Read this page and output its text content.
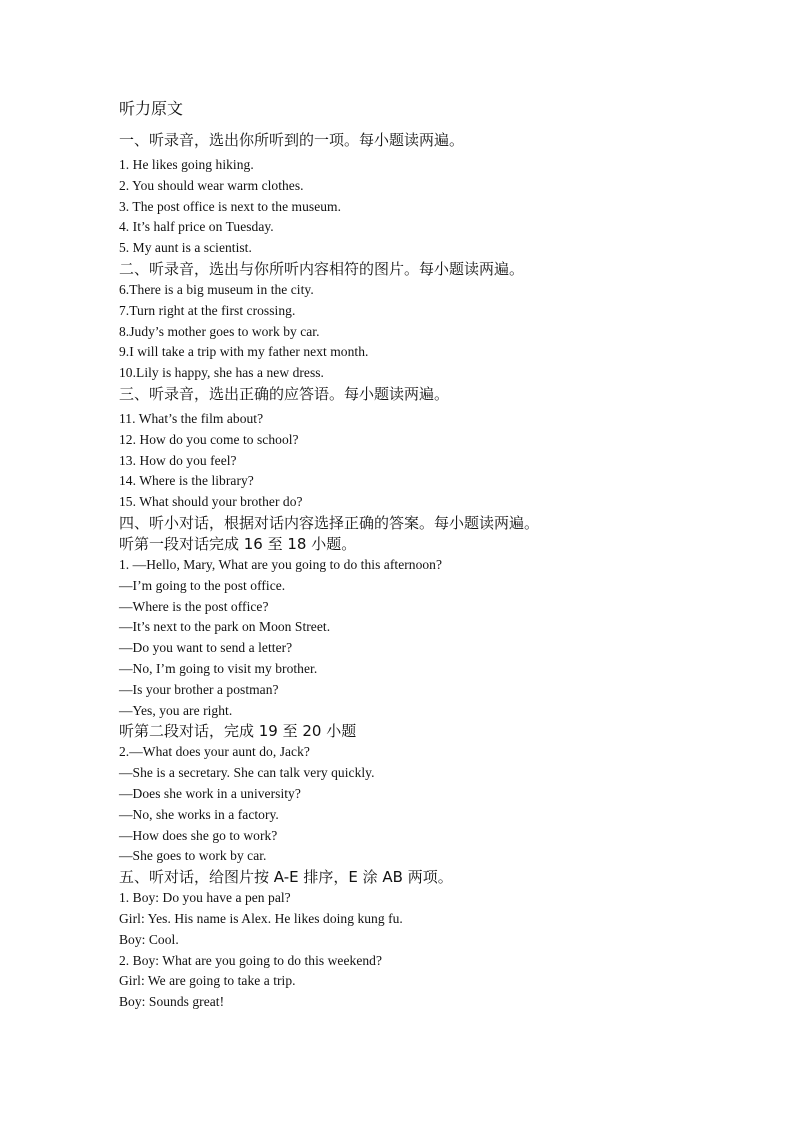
听力原文
一、听录音，选出你所听到的一项。每小题读两遍。
1. He likes going hiking.
2. You should wear warm clothes.
3. The post office is next to the museum.
4. It’s half price on Tuesday.
5. My aunt is a scientist.
二、听录音，选出与你所听内容相符的图片。每小题读两遍。
6.There is a big museum in the city.
7.Turn right at the first crossing.
8.Judy’s mother goes to work by car.
9.I will take a trip with my father next month.
10.Lily is happy, she has a new dress.
三、听录音，选出正确的应答语。每小题读两遍。
11. What’s the film about?
12. How do you come to school?
13. How do you feel?
14. Where is the library?
15. What should your brother do?
四、听小对话，根据对话内容选择正确的答案。每小题读两遍。
听第一段对话完成 16 至 18 小题。
1. —Hello, Mary, What are you going to do this afternoon?
—I’m going to the post office.
—Where is the post office?
—It’s next to the park on Moon Street.
—Do you want to send a letter?
—No, I’m going to visit my brother.
—Is your brother a postman?
—Yes, you are right.
听第二段对话，完成 19 至 20 小题
2.—What does your aunt do, Jack?
—She is a secretary. She can talk very quickly.
—Does she work in a university?
—No, she works in a factory.
—How does she go to work?
—She goes to work by car.
五、听对话，给图片按 A-E 排序，E 涂 AB 两项。
1. Boy: Do you have a pen pal?
Girl: Yes. His name is Alex. He likes doing kung fu.
Boy: Cool.
2. Boy: What are you going to do this weekend?
Girl: We are going to take a trip.
Boy: Sounds great!
